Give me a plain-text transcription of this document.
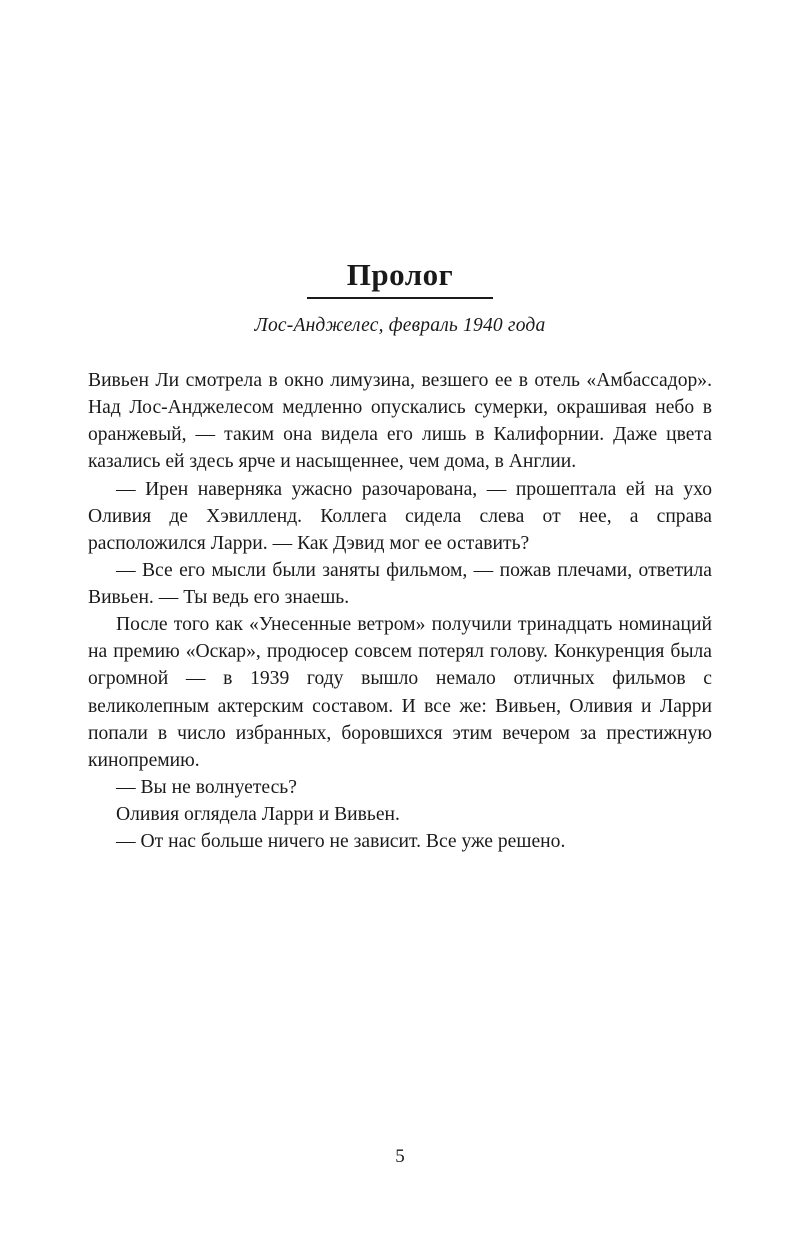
Пролог
Лос-Анджелес, февраль 1940 года

Вивьен Ли смотрела в окно лимузина, везшего ее в отель «Амбассадор». Над Лос-Анджелесом медленно опускались сумерки, окрашивая небо в оранжевый, — таким она видела его лишь в Калифорнии. Даже цвета казались ей здесь ярче и насыщеннее, чем дома, в Англии.

— Ирен наверняка ужасно разочарована, — прошептала ей на ухо Оливия де Хэвилленд. Коллега сидела слева от нее, а справа расположился Ларри. — Как Дэвид мог ее оставить?

— Все его мысли были заняты фильмом, — пожав плечами, ответила Вивьен. — Ты ведь его знаешь.

После того как «Унесенные ветром» получили тринадцать номинаций на премию «Оскар», продюсер совсем потерял голову. Конкуренция была огромной — в 1939 году вышло немало отличных фильмов с великолепным актерским составом. И все же: Вивьен, Оливия и Ларри попали в число избранных, боровшихся этим вечером за престижную кинопремию.

— Вы не волнуетесь?

Оливия оглядела Ларри и Вивьен.

— От нас больше ничего не зависит. Все уже решено.

5
